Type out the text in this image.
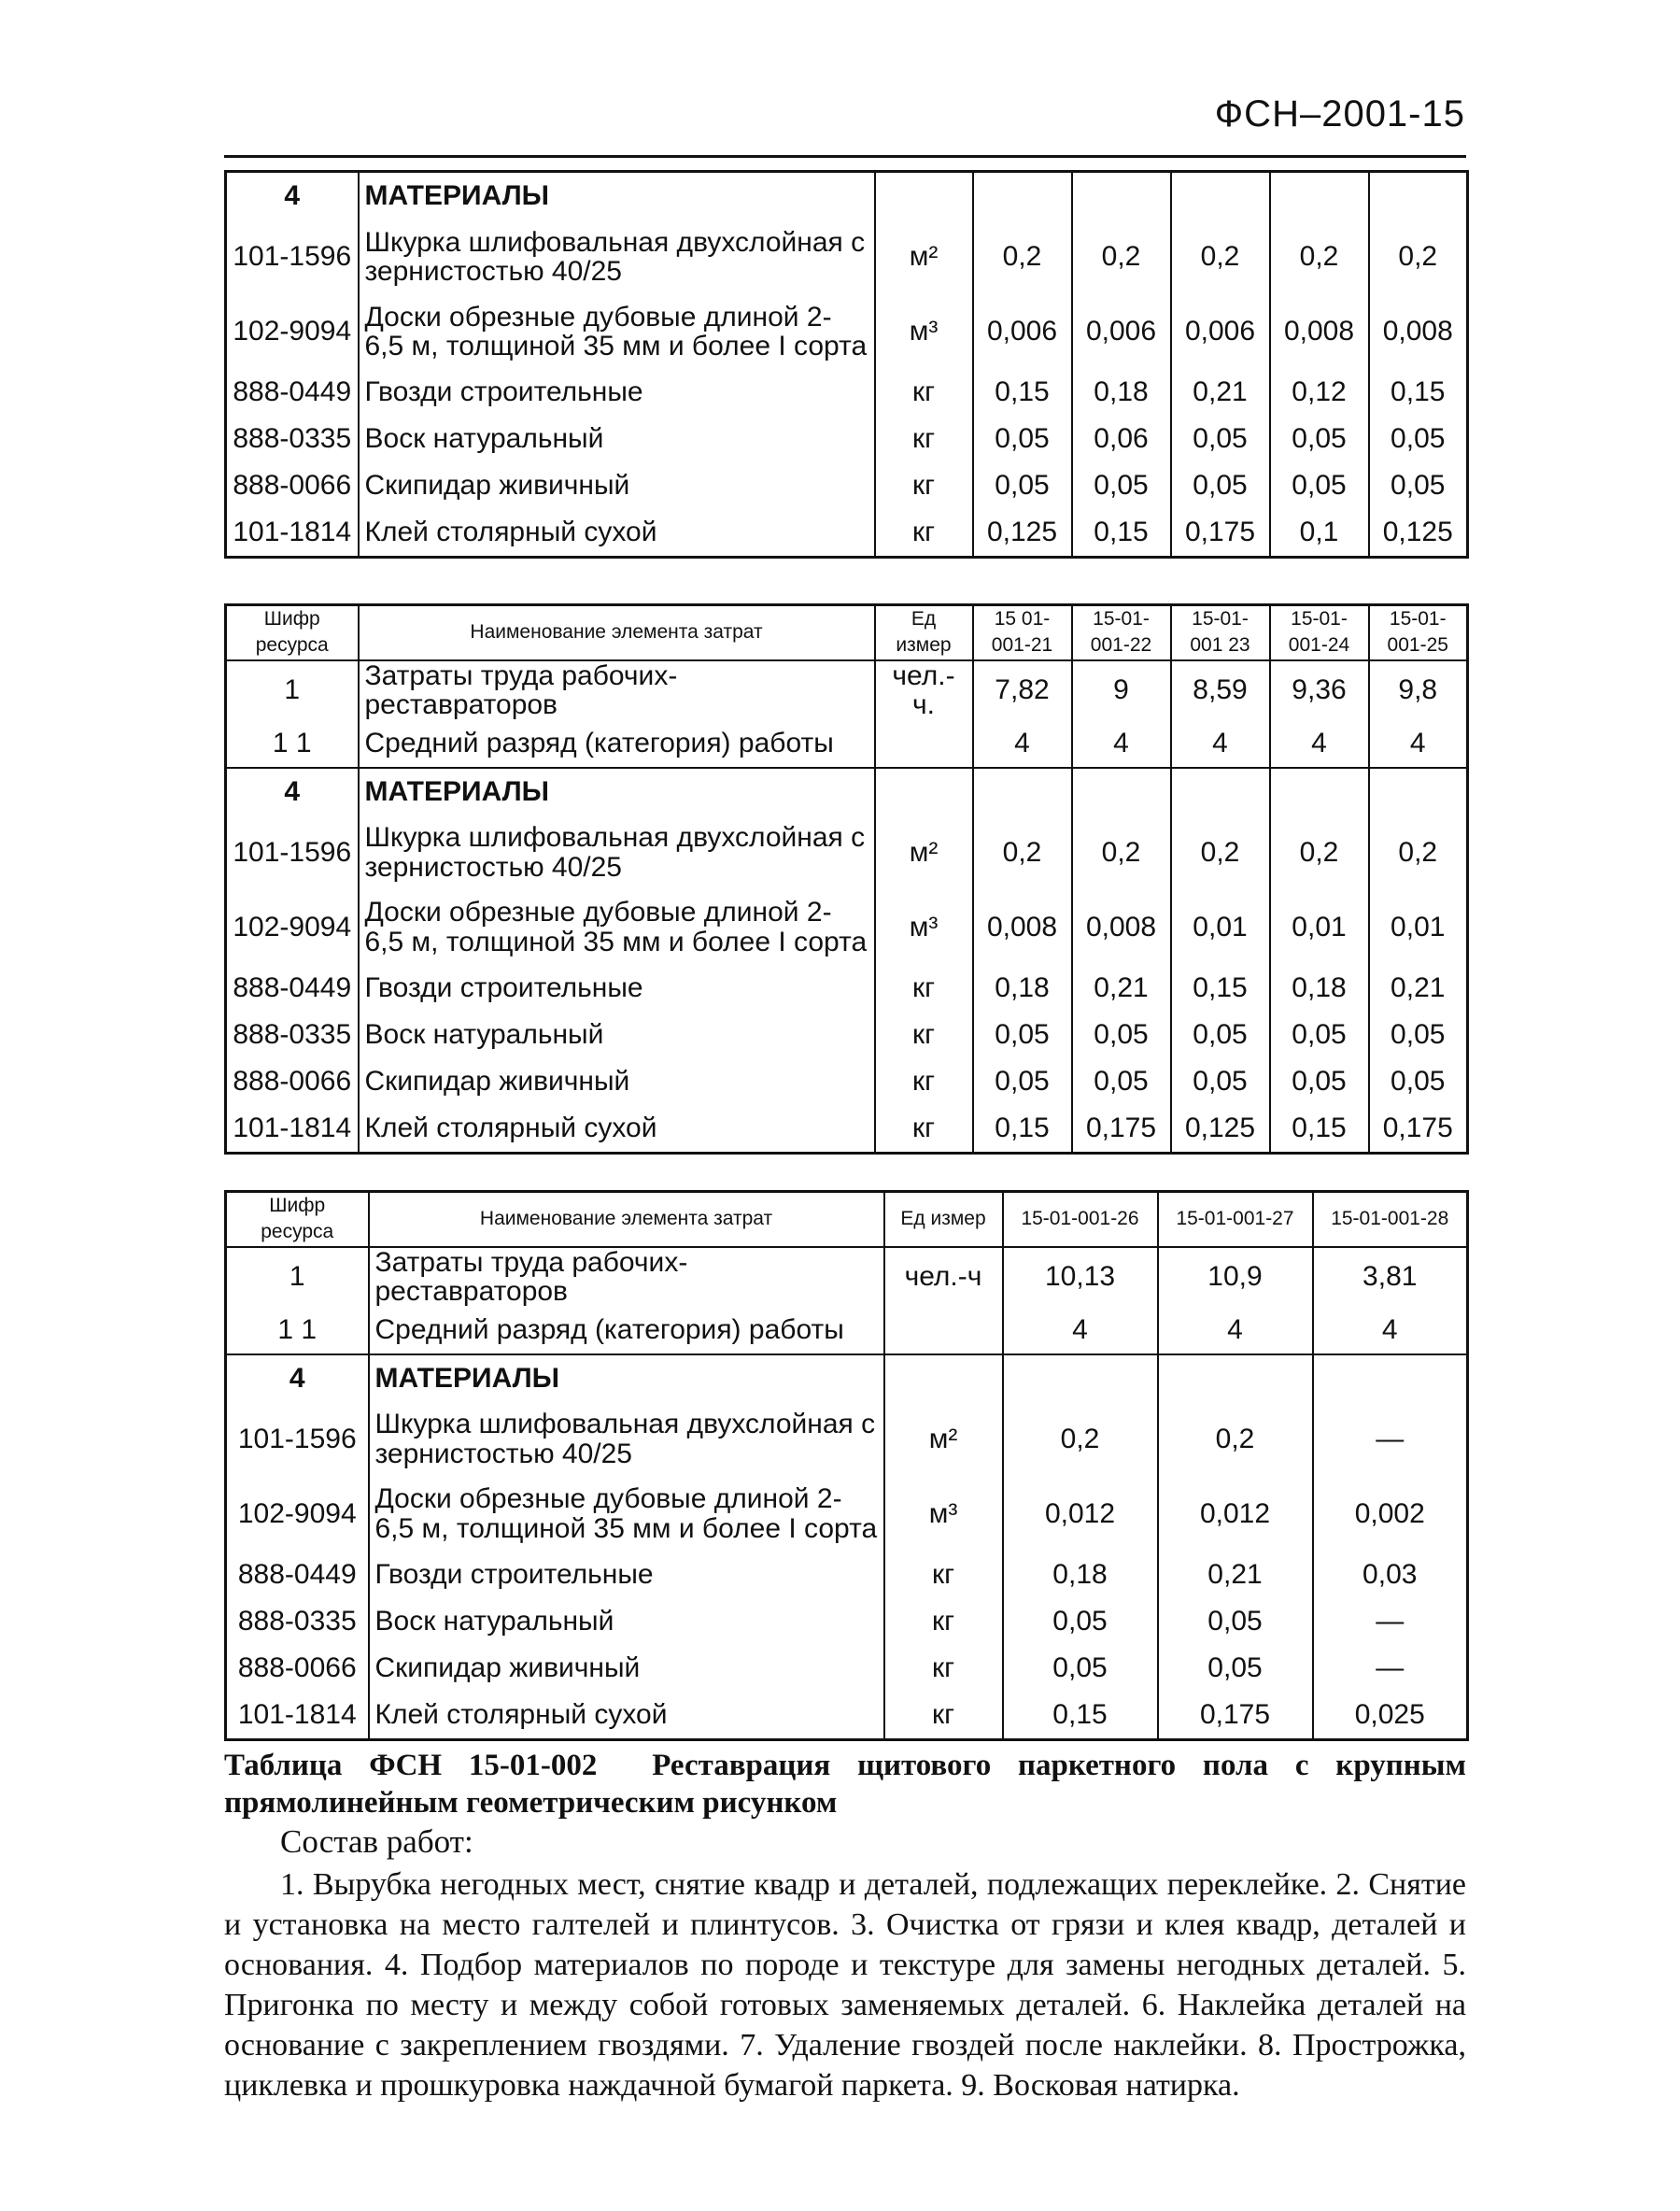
ФСН–2001-15
4	МАТЕРИАЛЫ						
101-1596	Шкурка шлифовальная двухслойная с зернистостью 40/25	м²	0,2	0,2	0,2	0,2	0,2
102-9094	Доски обрезные дубовые длиной 2-6,5 м, толщиной 35 мм и более I сорта	м³	0,006	0,006	0,006	0,008	0,008
888-0449	Гвозди строительные	кг	0,15	0,18	0,21	0,12	0,15
888-0335	Воск натуральный	кг	0,05	0,06	0,05	0,05	0,05
888-0066	Скипидар живичный	кг	0,05	0,05	0,05	0,05	0,05
101-1814	Клей столярный сухой	кг	0,125	0,15	0,175	0,1	0,125
Шифр ресурса	Наименование элемента затрат	Ед измер	15 01-001-21	15-01-001-22	15-01-001 23	15-01-001-24	15-01-001-25
1	Затраты труда рабочих-реставраторов	чел.-ч.	7,82	9	8,59	9,36	9,8
1 1	Средний разряд (категория) работы		4	4	4	4	4
4	МАТЕРИАЛЫ						
101-1596	Шкурка шлифовальная двухслойная с зернистостью 40/25	м²	0,2	0,2	0,2	0,2	0,2
102-9094	Доски обрезные дубовые длиной 2-6,5 м, толщиной 35 мм и более I сорта	м³	0,008	0,008	0,01	0,01	0,01
888-0449	Гвозди строительные	кг	0,18	0,21	0,15	0,18	0,21
888-0335	Воск натуральный	кг	0,05	0,05	0,05	0,05	0,05
888-0066	Скипидар живичный	кг	0,05	0,05	0,05	0,05	0,05
101-1814	Клей столярный сухой	кг	0,15	0,175	0,125	0,15	0,175
Шифр ресурса	Наименование элемента затрат	Ед измер	15-01-001-26	15-01-001-27	15-01-001-28
1	Затраты труда рабочих-реставраторов	чел.-ч	10,13	10,9	3,81
1 1	Средний разряд (категория) работы		4	4	4
4	МАТЕРИАЛЫ				
101-1596	Шкурка шлифовальная двухслойная с зернистостью 40/25	м²	0,2	0,2	—
102-9094	Доски обрезные дубовые длиной 2-6,5 м, толщиной 35 мм и более I сорта	м³	0,012	0,012	0,002
888-0449	Гвозди строительные	кг	0,18	0,21	0,03
888-0335	Воск натуральный	кг	0,05	0,05	—
888-0066	Скипидар живичный	кг	0,05	0,05	—
101-1814	Клей столярный сухой	кг	0,15	0,175	0,025
Таблица ФСН 15-01-002 Реставрация щитового паркетного пола с крупным прямолинейным геометрическим рисунком
Состав работ:
1. Вырубка негодных мест, снятие квадр и деталей, подлежащих переклейке. 2. Снятие и установка на место галтелей и плинтусов. 3. Очистка от грязи и клея квадр, деталей и основания. 4. Подбор материалов по породе и текстуре для замены негодных деталей. 5. Пригонка по месту и между собой готовых заменяемых деталей. 6. Наклейка деталей на основание с закреплением гвоздями. 7. Удаление гвоздей после наклейки. 8. Прострожка, циклевка и прошкуровка наждачной бумагой паркета. 9. Восковая натирка.
